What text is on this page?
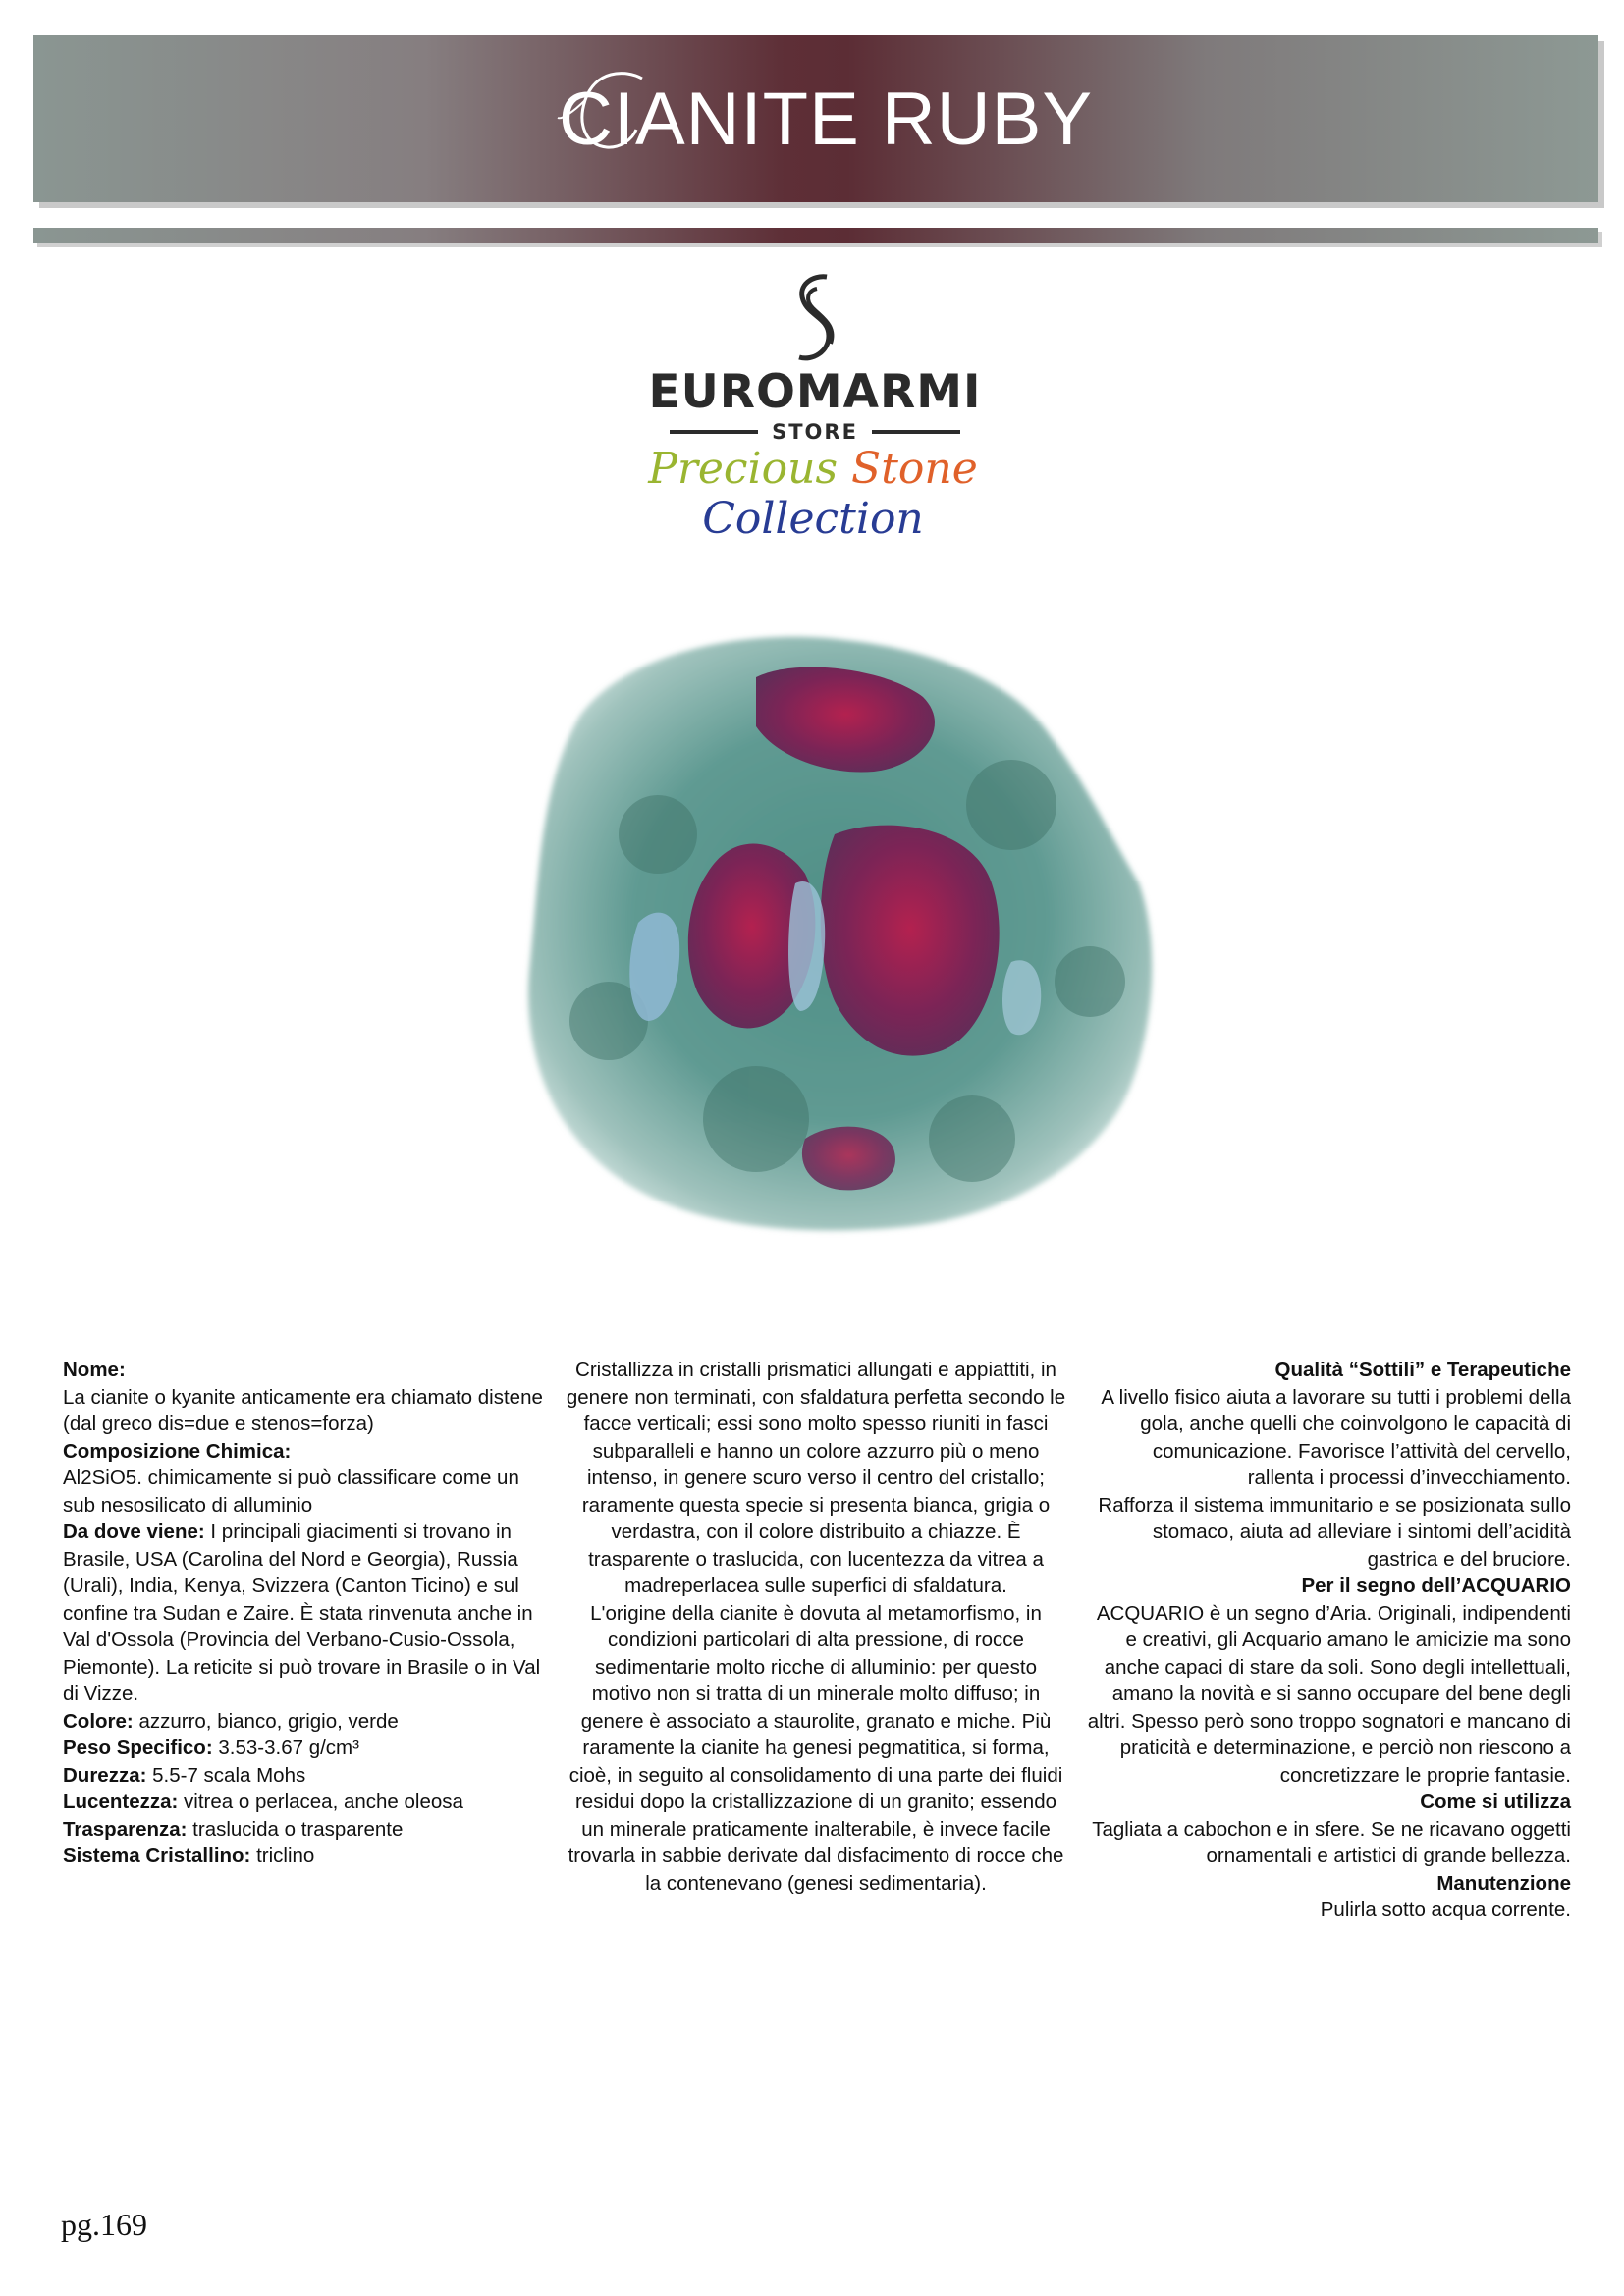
CIANITE RUBY
EUROMARMI
STORE
Precious Stone Collection

Nome:

La cianite o kyanite anticamente era chiamato distene (dal greco dis=due e stenos=forza)

Composizione Chimica:

Al2SiO5. chimicamente si può classificare come un sub nesosilicato di alluminio

Da dove viene: I principali giacimenti si trovano in Brasile, USA (Carolina del Nord e Georgia), Russia (Urali), India, Kenya, Svizzera (Canton Ticino) e sul confine tra Sudan e Zaire. È stata rinvenuta anche in Val d'Ossola (Provincia del Verbano-Cusio-Ossola, Piemonte). La reticite si può trovare in Brasile o in Val di Vizze.

Colore: azzurro, bianco, grigio, verde

Peso Specifico: 3.53-3.67 g/cm³

Durezza: 5.5-7 scala Mohs

Lucentezza: vitrea o perlacea, anche oleosa

Trasparenza: traslucida o trasparente

Sistema Cristallino: triclino

Cristallizza in cristalli prismatici allungati e appiattiti, in genere non terminati, con sfaldatura perfetta secondo le facce verticali; essi sono molto spesso riuniti in fasci subparalleli e hanno un colore azzurro più o meno intenso, in genere scuro verso il centro del cristallo; raramente questa specie si presenta bianca, grigia o verdastra, con il colore distribuito a chiazze. È trasparente o traslucida, con lucentezza da vitrea a madreperlacea sulle superfici di sfaldatura.

L'origine della cianite è dovuta al metamorfismo, in condizioni particolari di alta pressione, di rocce sedimentarie molto ricche di alluminio: per questo motivo non si tratta di un minerale molto diffuso; in genere è associato a staurolite, granato e miche. Più raramente la cianite ha genesi pegmatitica, si forma, cioè, in seguito al consolidamento di una parte dei fluidi residui dopo la cristallizzazione di un granito; essendo un minerale praticamente inalterabile, è invece facile trovarla in sabbie derivate dal disfacimento di rocce che la contenevano (genesi sedimentaria).

Qualità “Sottili” e Terapeutiche

A livello fisico aiuta a lavorare su tutti i problemi della gola, anche quelli che coinvolgono le capacità di comunicazione. Favorisce l’attività del cervello, rallenta i processi d’invecchiamento.

Rafforza il sistema immunitario e se posizionata sullo stomaco, aiuta ad alleviare i sintomi dell’acidità gastrica e del bruciore.

Per il segno dell’ACQUARIO

ACQUARIO è un segno d’Aria. Originali, indipendenti e creativi, gli Acquario amano le amicizie ma sono anche capaci di stare da soli. Sono degli intellettuali, amano la novità e si sanno occupare del bene degli altri. Spesso però sono troppo sognatori e mancano di praticità e determinazione, e perciò non riescono a concretizzare le proprie fantasie.

Come si utilizza

Tagliata a cabochon e in sfere. Se ne ricavano oggetti ornamentali e artistici di grande bellezza.

Manutenzione

Pulirla sotto acqua corrente.

pg.169
